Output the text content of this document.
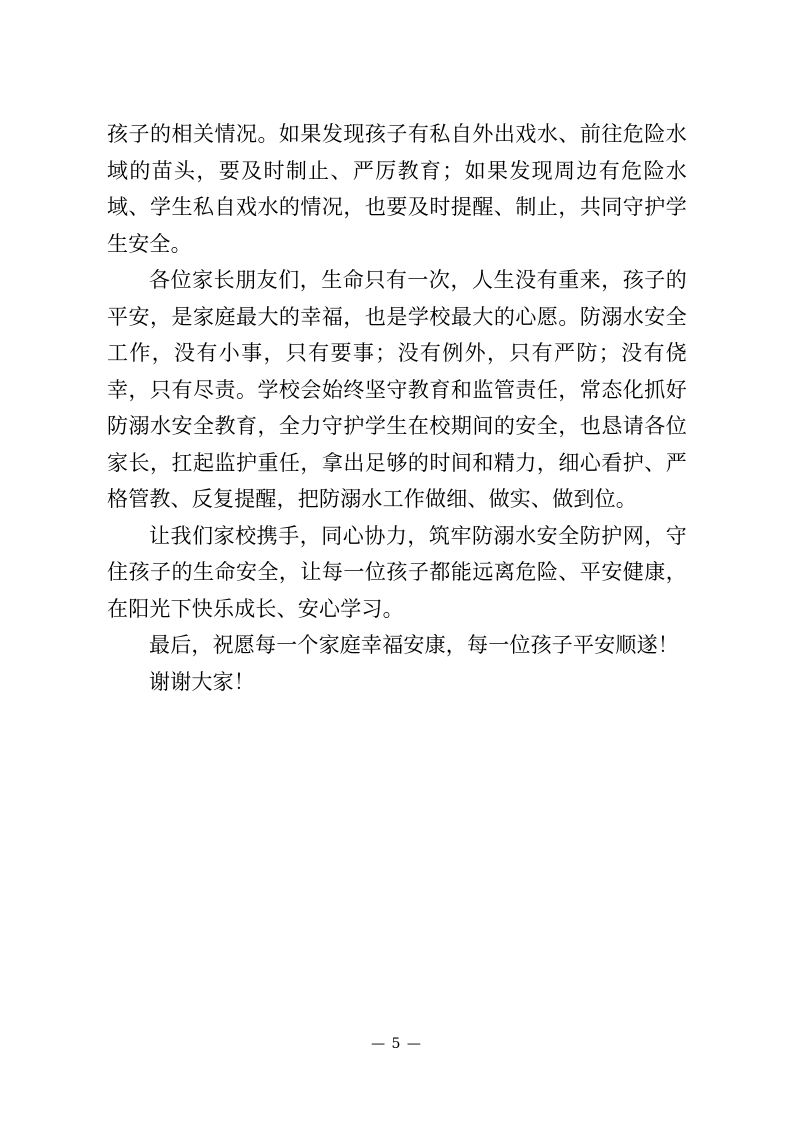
孩子的相关情况。如果发现孩子有私自外出戏水、前往危险水域的苗头，要及时制止、严厉教育；如果发现周边有危险水域、学生私自戏水的情况，也要及时提醒、制止，共同守护学生安全。

各位家长朋友们，生命只有一次，人生没有重来，孩子的平安，是家庭最大的幸福，也是学校最大的心愿。防溺水安全工作，没有小事，只有要事；没有例外，只有严防；没有侥幸，只有尽责。学校会始终坚守教育和监管责任，常态化抓好防溺水安全教育，全力守护学生在校期间的安全，也恳请各位家长，扛起监护重任，拿出足够的时间和精力，细心看护、严格管教、反复提醒，把防溺水工作做细、做实、做到位。

让我们家校携手，同心协力，筑牢防溺水安全防护网，守住孩子的生命安全，让每一位孩子都能远离危险、平安健康，在阳光下快乐成长、安心学习。

最后，祝愿每一个家庭幸福安康，每一位孩子平安顺遂！

谢谢大家！

— 5 —
